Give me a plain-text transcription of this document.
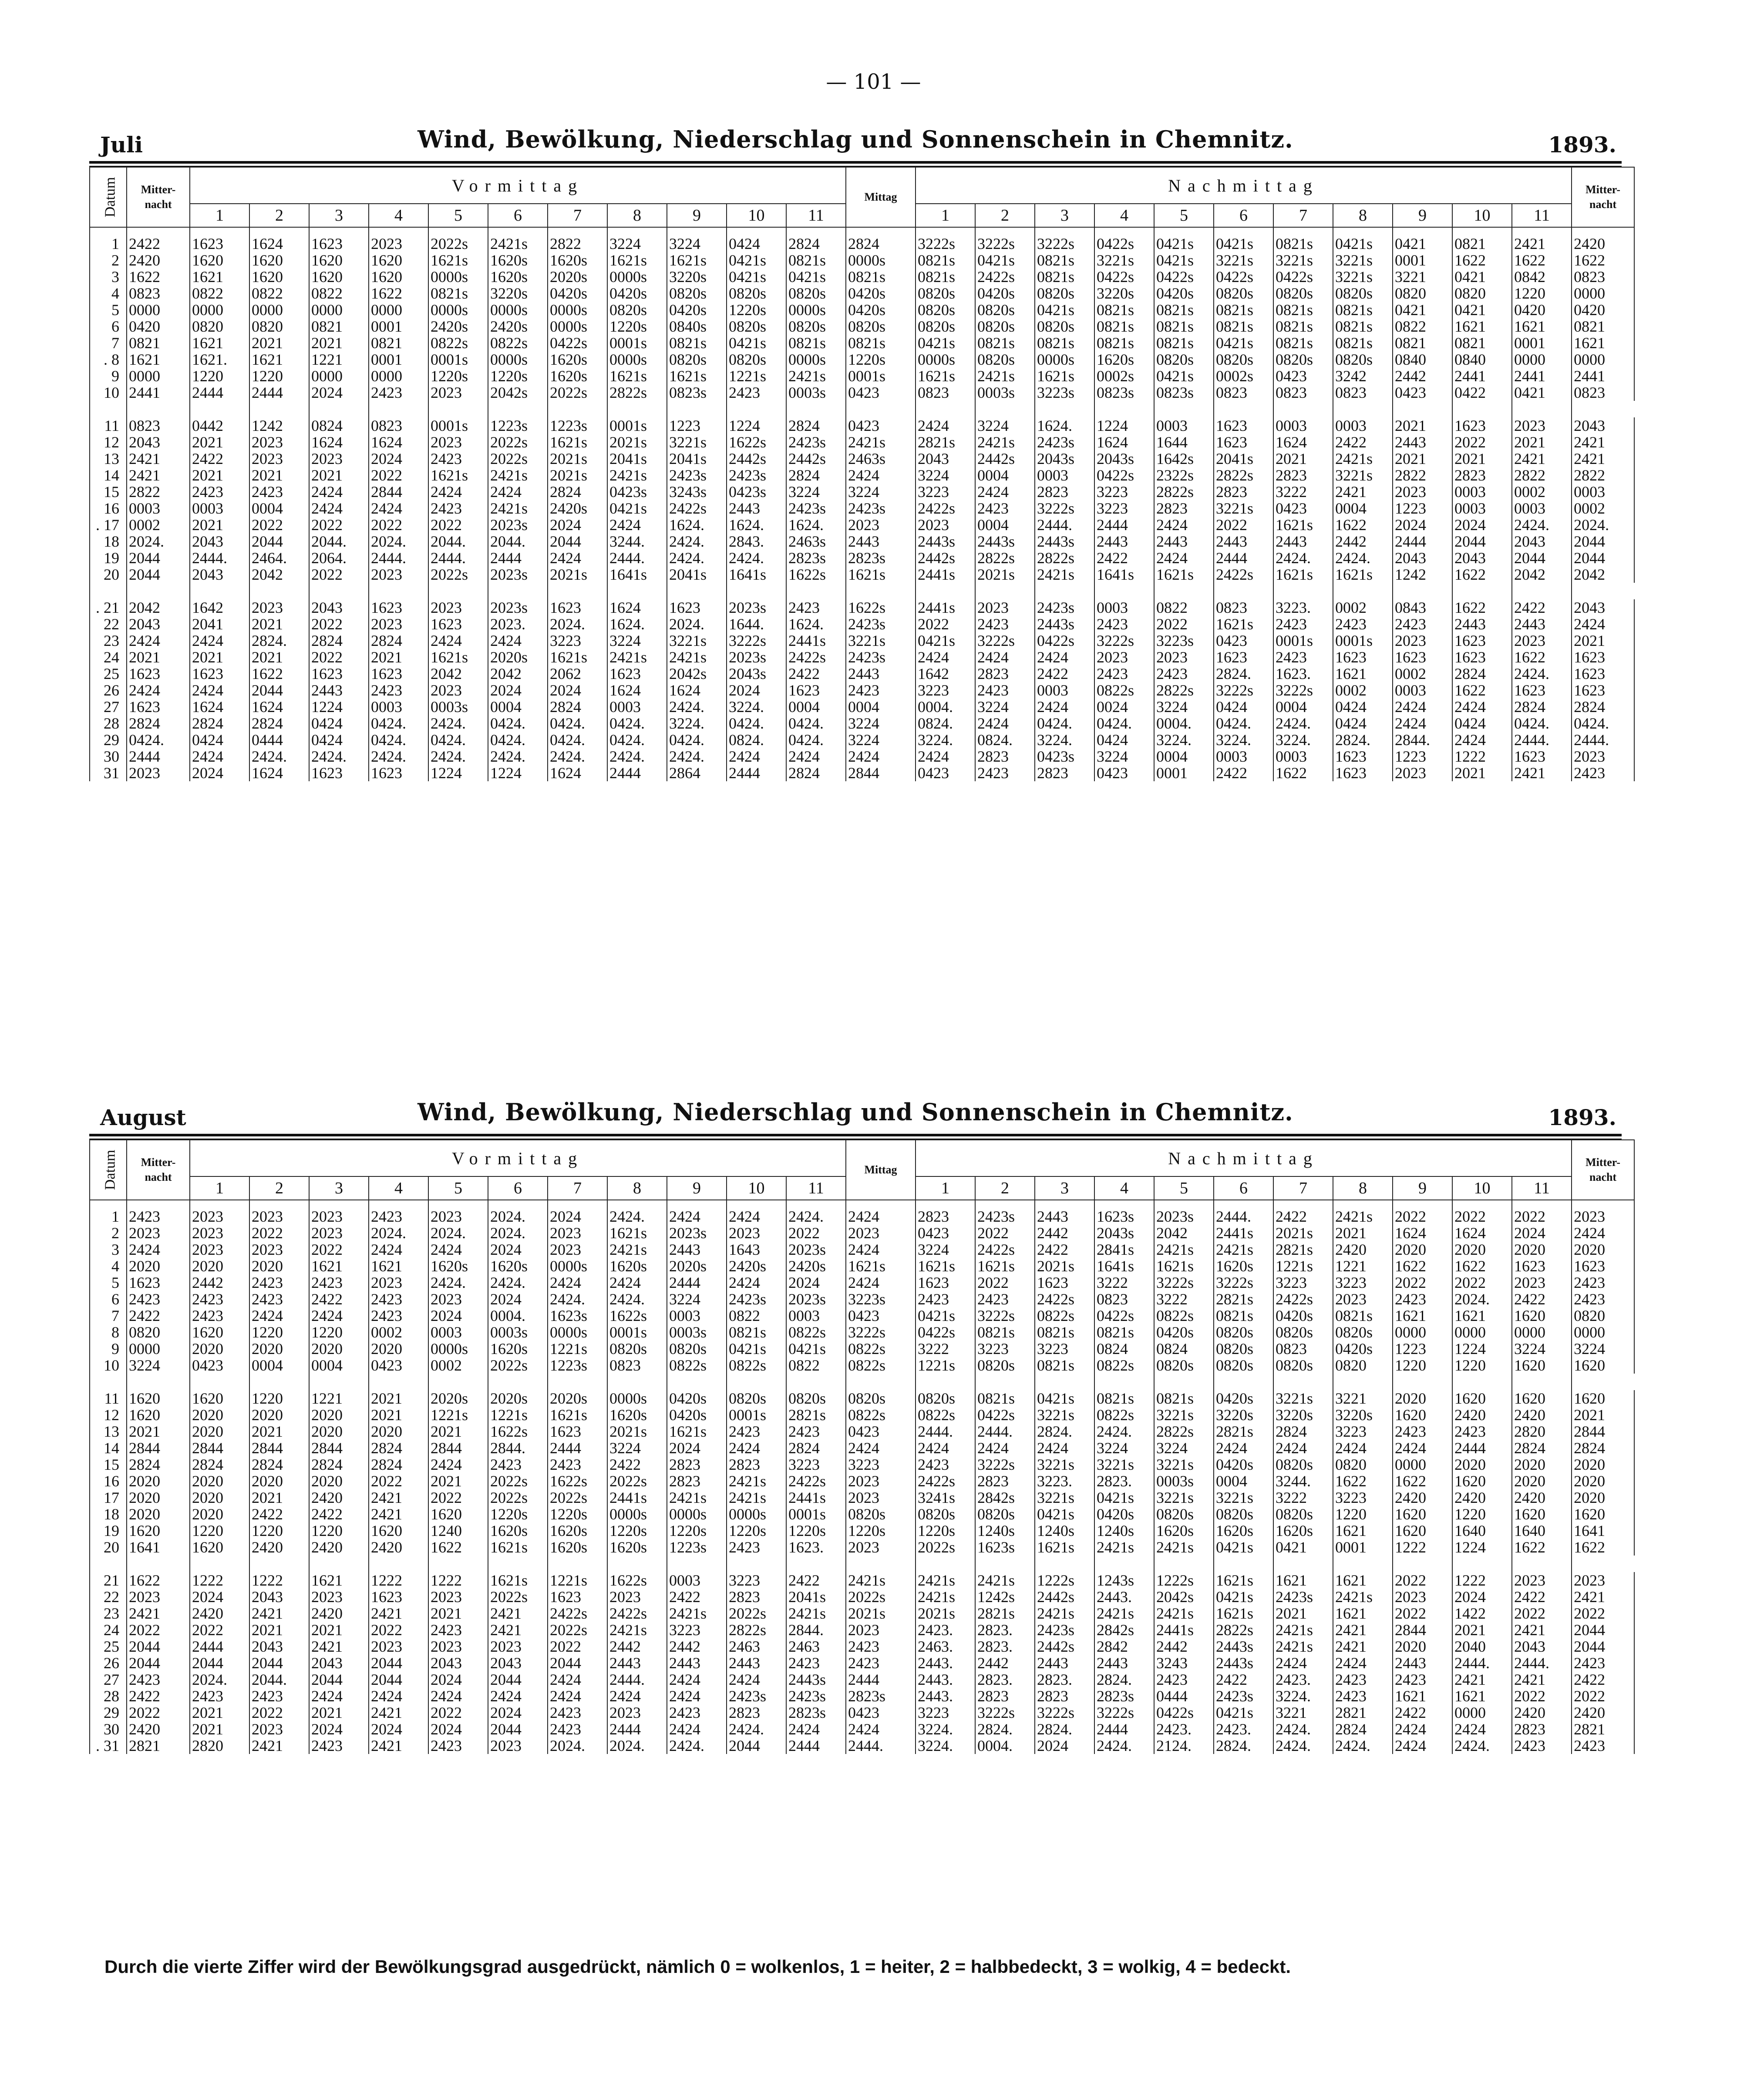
— 101 —
Juli	Wind, Bewölkung, Niederschlag und Sonnenschein in Chemnitz.	1893.
Datum	Mitter-
nacht	Vormittag											Mittag	Nachmittag											Mitter-
nacht
		1	2	3	4	5	6	7	8	9	10	11		1	2	3	4	5	6	7	8	9	10	11	
1	2422	1623	1624	1623	2023	2022s	2421s	2822	3224	3224	0424	2824	2824	3222s	3222s	3222s	0422s	0421s	0421s	0821s	0421s	0421	0821	2421	2420
2	2420	1620	1620	1620	1620	1621s	1620s	1620s	1621s	1621s	0421s	0821s	0000s	0821s	0421s	0821s	3221s	0421s	3221s	3221s	3221s	0001	1622	1622	1622
3	1622	1621	1620	1620	1620	0000s	1620s	2020s	0000s	3220s	0421s	0421s	0821s	0821s	2422s	0821s	0422s	0422s	0422s	0422s	3221s	3221	0421	0842	0823
4	0823	0822	0822	0822	1622	0821s	3220s	0420s	0420s	0820s	0820s	0820s	0420s	0820s	0420s	0820s	3220s	0420s	0820s	0820s	0820s	0820	0820	1220	0000
5	0000	0000	0000	0000	0000	0000s	0000s	0000s	0820s	0420s	1220s	0000s	0420s	0820s	0820s	0421s	0821s	0821s	0821s	0821s	0821s	0421	0421	0420	0420
6	0420	0820	0820	0821	0001	2420s	2420s	0000s	1220s	0840s	0820s	0820s	0820s	0820s	0820s	0820s	0821s	0821s	0821s	0821s	0821s	0822	1621	1621	0821
7	0821	1621	2021	2021	0821	0822s	0822s	0422s	0001s	0821s	0421s	0821s	0821s	0421s	0821s	0821s	0821s	0821s	0421s	0821s	0821s	0821	0821	0001	1621
. 8	1621	1621.	1621	1221	0001	0001s	0000s	1620s	0000s	0820s	0820s	0000s	1220s	0000s	0820s	0000s	1620s	0820s	0820s	0820s	0820s	0840	0840	0000	0000
9	0000	1220	1220	0000	0000	1220s	1220s	1620s	1621s	1621s	1221s	2421s	0001s	1621s	2421s	1621s	0002s	0421s	0002s	0423	3242	2442	2441	2441	2441
10	2441	2444	2444	2024	2423	2023	2042s	2022s	2822s	0823s	2423	0003s	0423	0823	0003s	3223s	0823s	0823s	0823	0823	0823	0423	0422	0421	0823

11	0823	0442	1242	0824	0823	0001s	1223s	1223s	0001s	1223	1224	2824	0423	2424	3224	1624.	1224	0003	1623	0003	0003	2021	1623	2023	2043
12	2043	2021	2023	1624	1624	2023	2022s	1621s	2021s	3221s	1622s	2423s	2421s	2821s	2421s	2423s	1624	1644	1623	1624	2422	2443	2022	2021	2421
13	2421	2422	2023	2023	2024	2423	2022s	2021s	2041s	2041s	2442s	2442s	2463s	2043	2442s	2043s	2043s	1642s	2041s	2021	2421s	2021	2021	2421	2421
14	2421	2021	2021	2021	2022	1621s	2421s	2021s	2421s	2423s	2423s	2824	2424	3224	0004	0003	0422s	2322s	2822s	2823	3221s	2822	2823	2822	2822
15	2822	2423	2423	2424	2844	2424	2424	2824	0423s	3243s	0423s	3224	3224	3223	2424	2823	3223	2822s	2823	3222	2421	2023	0003	0002	0003
16	0003	0003	0004	2424	2424	2423	2421s	2420s	0421s	2422s	2443	2423s	2423s	2422s	2423	3222s	3223	2823	3221s	0423	0004	1223	0003	0003	0002
. 17	0002	2021	2022	2022	2022	2022	2023s	2024	2424	1624.	1624.	1624.	2023	2023	0004	2444.	2444	2424	2022	1621s	1622	2024	2024	2424.	2024.
18	2024.	2043	2044	2044.	2024.	2044.	2044.	2044	3244.	2424.	2843.	2463s	2443	2443s	2443s	2443s	2443	2443	2443	2443	2442	2444	2044	2043	2044
19	2044	2444.	2464.	2064.	2444.	2444.	2444	2424	2444.	2424.	2424.	2823s	2823s	2442s	2822s	2822s	2422	2424	2444	2424.	2424.	2043	2043	2044	2044
20	2044	2043	2042	2022	2023	2022s	2023s	2021s	1641s	2041s	1641s	1622s	1621s	2441s	2021s	2421s	1641s	1621s	2422s	1621s	1621s	1242	1622	2042	2042

. 21	2042	1642	2023	2043	1623	2023	2023s	1623	1624	1623	2023s	2423	1622s	2441s	2023	2423s	0003	0822	0823	3223.	0002	0843	1622	2422	2043
22	2043	2041	2021	2022	2023	1623	2023.	2024.	1624.	2024.	1644.	1624.	2423s	2022	2423	2443s	2423	2022	1621s	2423	2423	2423	2443	2443	2424
23	2424	2424	2824.	2824	2824	2424	2424	3223	3224	3221s	3222s	2441s	3221s	0421s	3222s	0422s	3222s	3223s	0423	0001s	0001s	2023	1623	2023	2021
24	2021	2021	2021	2022	2021	1621s	2020s	1621s	2421s	2421s	2023s	2422s	2423s	2424	2424	2424	2023	2023	1623	2423	1623	1623	1623	1622	1623
25	1623	1623	1622	1623	1623	2042	2042	2062	1623	2042s	2043s	2422	2443	1642	2823	2422	2423	2423	2824.	1623.	1621	0002	2824	2424.	1623
26	2424	2424	2044	2443	2423	2023	2024	2024	1624	1624	2024	1623	2423	3223	2423	0003	0822s	2822s	3222s	3222s	0002	0003	1622	1623	1623
27	1623	1624	1624	1224	0003	0003s	0004	2824	0003	2424.	3224.	0004	0004	0004.	3224	2424	0024	3224	0424	0004	0424	2424	2424	2824	2824
28	2824	2824	2824	0424	0424.	2424.	0424.	0424.	0424.	3224.	0424.	0424.	3224	0824.	2424	0424.	0424.	0004.	0424.	2424.	0424	2424	0424	0424.	0424.
29	0424.	0424	0444	0424	0424.	0424.	0424.	0424.	0424.	0424.	0824.	0424.	3224	3224.	0824.	3224.	0424	3224.	3224.	3224.	2824.	2844.	2424	2444.	2444.
30	2444	2424	2424.	2424.	2424.	2424.	2424.	2424.	2424.	2424.	2424	2424	2424	2424	2823	0423s	3224	0004	0003	0003	1623	1223	1222	1623	2023
31	2023	2024	1624	1623	1623	1224	1224	1624	2444	2864	2444	2824	2844	0423	2423	2823	0423	0001	2422	1622	1623	2023	2021	2421	2423
August	Wind, Bewölkung, Niederschlag und Sonnenschein in Chemnitz.	1893.
Datum	Mitter-
nacht	Vormittag											Mittag	Nachmittag											Mitter-
nacht
		1	2	3	4	5	6	7	8	9	10	11		1	2	3	4	5	6	7	8	9	10	11	
1	2423	2023	2023	2023	2423	2023	2024.	2024	2424.	2424	2424	2424.	2424	2823	2423s	2443	1623s	2023s	2444.	2422	2421s	2022	2022	2022	2023
2	2023	2023	2022	2023	2024.	2024.	2024.	2023	1621s	2023s	2023	2022	2023	0423	2022	2442	2043s	2042	2441s	2021s	2021	1624	1624	2024	2424
3	2424	2023	2023	2022	2424	2424	2024	2023	2421s	2443	1643	2023s	2424	3224	2422s	2422	2841s	2421s	2421s	2821s	2420	2020	2020	2020	2020
4	2020	2020	2020	1621	1621	1620s	1620s	0000s	1620s	2020s	2420s	2420s	1621s	1621s	1621s	2021s	1641s	1621s	1620s	1221s	1221	1622	1622	1623	1623
5	1623	2442	2423	2423	2023	2424.	2424.	2424	2424	2444	2424	2024	2424	1623	2022	1623	3222	3222s	3222s	3223	3223	2022	2022	2023	2423
6	2423	2423	2423	2422	2423	2023	2024	2424.	2424.	3224	2423s	2023s	3223s	2423	2423	2422s	0823	3222	2821s	2422s	2023	2423	2024.	2422	2423
7	2422	2423	2424	2424	2423	2024	0004.	1623s	1622s	0003	0822	0003	0423	0421s	3222s	0822s	0422s	0822s	0821s	0420s	0821s	1621	1621	1620	0820
8	0820	1620	1220	1220	0002	0003	0003s	0000s	0001s	0003s	0821s	0822s	3222s	0422s	0821s	0821s	0821s	0420s	0820s	0820s	0820s	0000	0000	0000	0000
9	0000	2020	2020	2020	2020	0000s	1620s	1221s	0820s	0820s	0421s	0421s	0822s	3222	3223	3223	0824	0824	0820s	0823	0420s	1223	1224	3224	3224
10	3224	0423	0004	0004	0423	0002	2022s	1223s	0823	0822s	0822s	0822	0822s	1221s	0820s	0821s	0822s	0820s	0820s	0820s	0820	1220	1220	1620	1620

11	1620	1620	1220	1221	2021	2020s	2020s	2020s	0000s	0420s	0820s	0820s	0820s	0820s	0821s	0421s	0821s	0821s	0420s	3221s	3221	2020	1620	1620	1620
12	1620	2020	2020	2020	2021	1221s	1221s	1621s	1620s	0420s	0001s	2821s	0822s	0822s	0422s	3221s	0822s	3221s	3220s	3220s	3220s	1620	2420	2420	2021
13	2021	2020	2021	2020	2020	2021	1622s	1623	2021s	1621s	2423	2423	0423	2444.	2444.	2824.	2424.	2822s	2821s	2824	3223	2423	2423	2820	2844
14	2844	2844	2844	2844	2824	2844	2844.	2444	3224	2024	2424	2824	2424	2424	2424	2424	3224	3224	2424	2424	2424	2424	2444	2824	2824
15	2824	2824	2824	2824	2824	2424	2423	2423	2422	2823	2823	3223	3223	2423	3222s	3221s	3221s	3221s	0420s	0820s	0820	0000	2020	2020	2020
16	2020	2020	2020	2020	2022	2021	2022s	1622s	2022s	2823	2421s	2422s	2023	2422s	2823	3223.	2823.	0003s	0004	3244.	1622	1622	1620	2020	2020
17	2020	2020	2021	2420	2421	2022	2022s	2022s	2441s	2421s	2421s	2441s	2023	3241s	2842s	3221s	0421s	3221s	3221s	3222	3223	2420	2420	2420	2020
18	2020	2020	2422	2422	2421	1620	1220s	1220s	0000s	0000s	0000s	0001s	0820s	0820s	0820s	0421s	0420s	0820s	0820s	0820s	1220	1620	1220	1620	1620
19	1620	1220	1220	1220	1620	1240	1620s	1620s	1220s	1220s	1220s	1220s	1220s	1220s	1240s	1240s	1240s	1620s	1620s	1620s	1621	1620	1640	1640	1641
20	1641	1620	2420	2420	2420	1622	1621s	1620s	1620s	1223s	2423	1623.	2023	2022s	1623s	1621s	2421s	2421s	0421s	0421	0001	1222	1224	1622	1622

21	1622	1222	1222	1621	1222	1222	1621s	1221s	1622s	0003	3223	2422	2421s	2421s	2421s	1222s	1243s	1222s	1621s	1621	1621	2022	1222	2023	2023
22	2023	2024	2043	2023	1623	2023	2022s	1623	2023	2422	2823	2041s	2022s	2421s	1242s	2442s	2443.	2042s	0421s	2423s	2421s	2023	2024	2422	2421
23	2421	2420	2421	2420	2421	2021	2421	2422s	2422s	2421s	2022s	2421s	2021s	2021s	2821s	2421s	2421s	2421s	1621s	2021	1621	2022	1422	2022	2022
24	2022	2022	2021	2021	2022	2423	2421	2022s	2421s	3223	2822s	2844.	2023	2423.	2823.	2423s	2842s	2441s	2822s	2421s	2421	2844	2021	2421	2044
25	2044	2444	2043	2421	2023	2023	2023	2022	2442	2442	2463	2463	2423	2463.	2823.	2442s	2842	2442	2443s	2421s	2421	2020	2040	2043	2044
26	2044	2044	2044	2043	2044	2043	2043	2044	2443	2443	2443	2423	2423	2443.	2442	2443	2443	3243	2443s	2424	2424	2443	2444.	2444.	2423
27	2423	2024.	2044.	2044	2044	2024	2044	2424	2444.	2424	2424	2443s	2444	2443.	2823.	2823.	2824.	2423	2422	2423.	2423	2423	2421	2421	2422
28	2422	2423	2423	2424	2424	2424	2424	2424	2424	2424	2423s	2423s	2823s	2443.	2823	2823	2823s	0444	2423s	3224.	2423	1621	1621	2022	2022
29	2022	2021	2022	2021	2421	2022	2024	2423	2023	2423	2823	2823s	0423	3223	3222s	3222s	3222s	0422s	0421s	3221	2821	2422	0000	2420	2420
30	2420	2021	2023	2024	2024	2024	2044	2423	2444	2424	2424.	2424	2424	3224.	2824.	2824.	2444	2423.	2423.	2424.	2824	2424	2424	2823	2821
. 31	2821	2820	2421	2423	2421	2423	2023	2024.	2024.	2424.	2044	2444	2444.	3224.	0004.	2024	2424.	2124.	2824.	2424.	2424.	2424	2424.	2423	2423
Durch die vierte Ziffer wird der Bewölkungsgrad ausgedrückt, nämlich 0 = wolkenlos, 1 = heiter, 2 = halbbedeckt, 3 = wolkig, 4 = bedeckt.
